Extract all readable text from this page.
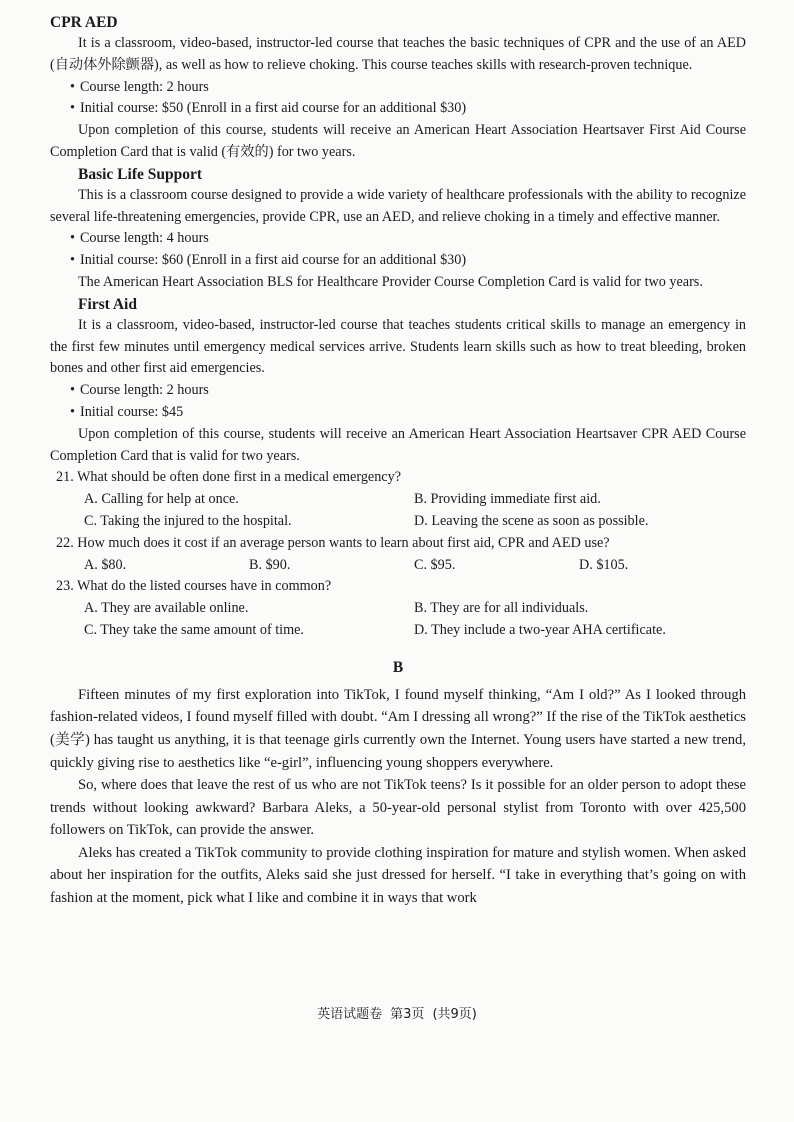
CPR AED

It is a classroom, video-based, instructor-led course that teaches the basic techniques of CPR and the use of an AED (自动体外除颤器), as well as how to relieve choking. This course teaches skills with research-proven technique.

• Course length: 2 hours

• Initial course: $50 (Enroll in a first aid course for an additional $30)

Upon completion of this course, students will receive an American Heart Association Heartsaver First Aid Course Completion Card that is valid (有效的) for two years.

Basic Life Support

This is a classroom course designed to provide a wide variety of healthcare professionals with the ability to recognize several life-threatening emergencies, provide CPR, use an AED, and relieve choking in a timely and effective manner.

• Course length: 4 hours

• Initial course: $60 (Enroll in a first aid course for an additional $30)

The American Heart Association BLS for Healthcare Provider Course Completion Card is valid for two years.

First Aid

It is a classroom, video-based, instructor-led course that teaches students critical skills to manage an emergency in the first few minutes until emergency medical services arrive. Students learn skills such as how to treat bleeding, broken bones and other first aid emergencies.

• Course length: 2 hours

• Initial course: $45

Upon completion of this course, students will receive an American Heart Association Heartsaver CPR AED Course Completion Card that is valid for two years.

21. What should be often done first in a medical emergency?

A. Calling for help at once.	B. Providing immediate first aid.
C. Taking the injured to the hospital.	D. Leaving the scene as soon as possible.

22. How much does it cost if an average person wants to learn about first aid, CPR and AED use?

A. $80.	B. $90.	C. $95.	D. $105.

23. What do the listed courses have in common?

A. They are available online.	B. They are for all individuals.
C. They take the same amount of time.	D. They include a two-year AHA certificate.
B

Fifteen minutes of my first exploration into TikTok, I found myself thinking, “Am I old?” As I looked through fashion-related videos, I found myself filled with doubt. “Am I dressing all wrong?” If the rise of the TikTok aesthetics (美学) has taught us anything, it is that teenage girls currently own the Internet. Young users have started a new trend, quickly giving rise to aesthetics like “e-girl”, influencing young shoppers everywhere.

So, where does that leave the rest of us who are not TikTok teens? Is it possible for an older person to adopt these trends without looking awkward? Barbara Aleks, a 50-year-old personal stylist from Toronto with over 425,500 followers on TikTok, can provide the answer.

Aleks has created a TikTok community to provide clothing inspiration for mature and stylish women. When asked about her inspiration for the outfits, Aleks said she just dressed for herself. “I take in everything that’s going on with fashion at the moment, pick what I like and combine it in ways that work

英语试题卷 第3页 (共9页)
